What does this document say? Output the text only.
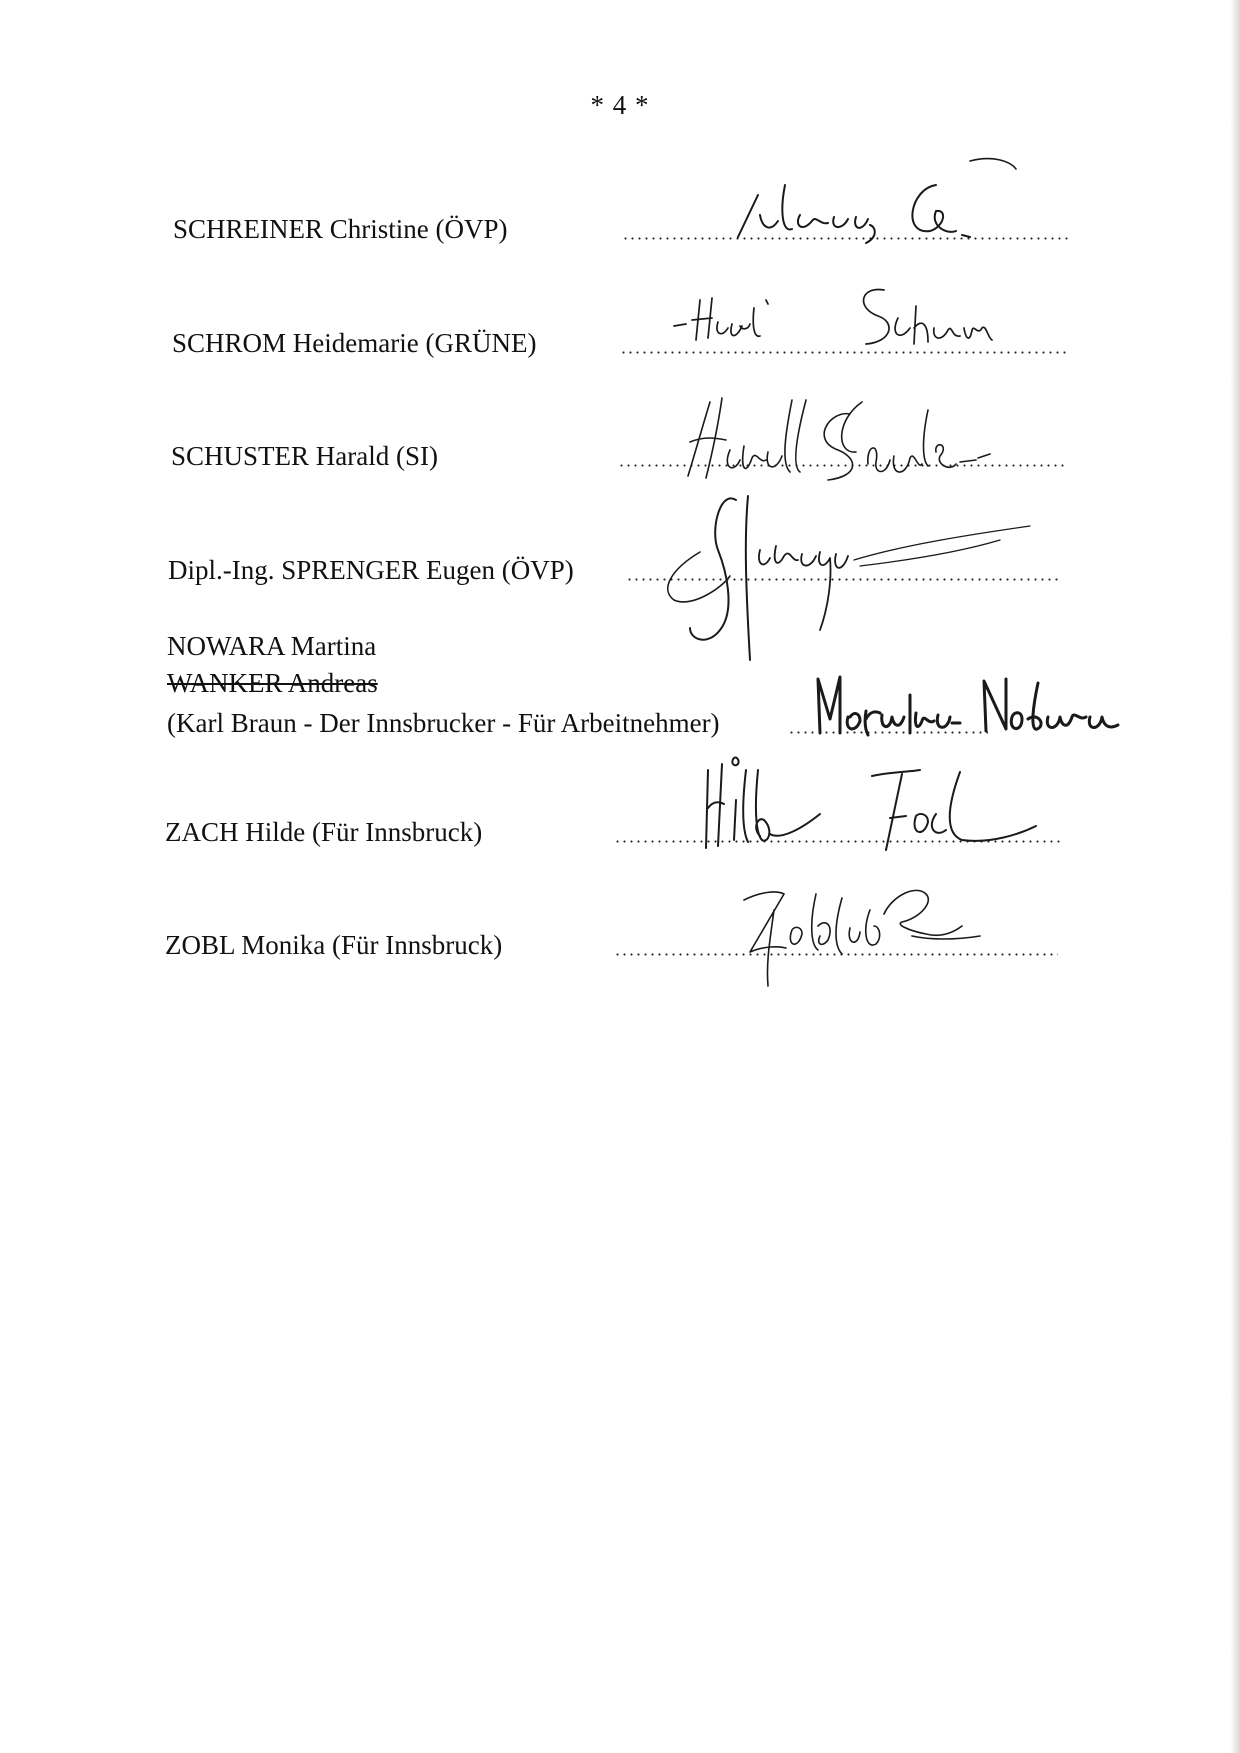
* 4 *
SCHREINER Christine (ÖVP)
SCHROM Heidemarie (GRÜNE)
SCHUSTER Harald (SI)
Dipl.-Ing. SPRENGER Eugen (ÖVP)
NOWARA Martina
WANKER Andreas
(Karl Braun - Der Innsbrucker - Für Arbeitnehmer)
ZACH Hilde (Für Innsbruck)
ZOBL Monika (Für Innsbruck)
